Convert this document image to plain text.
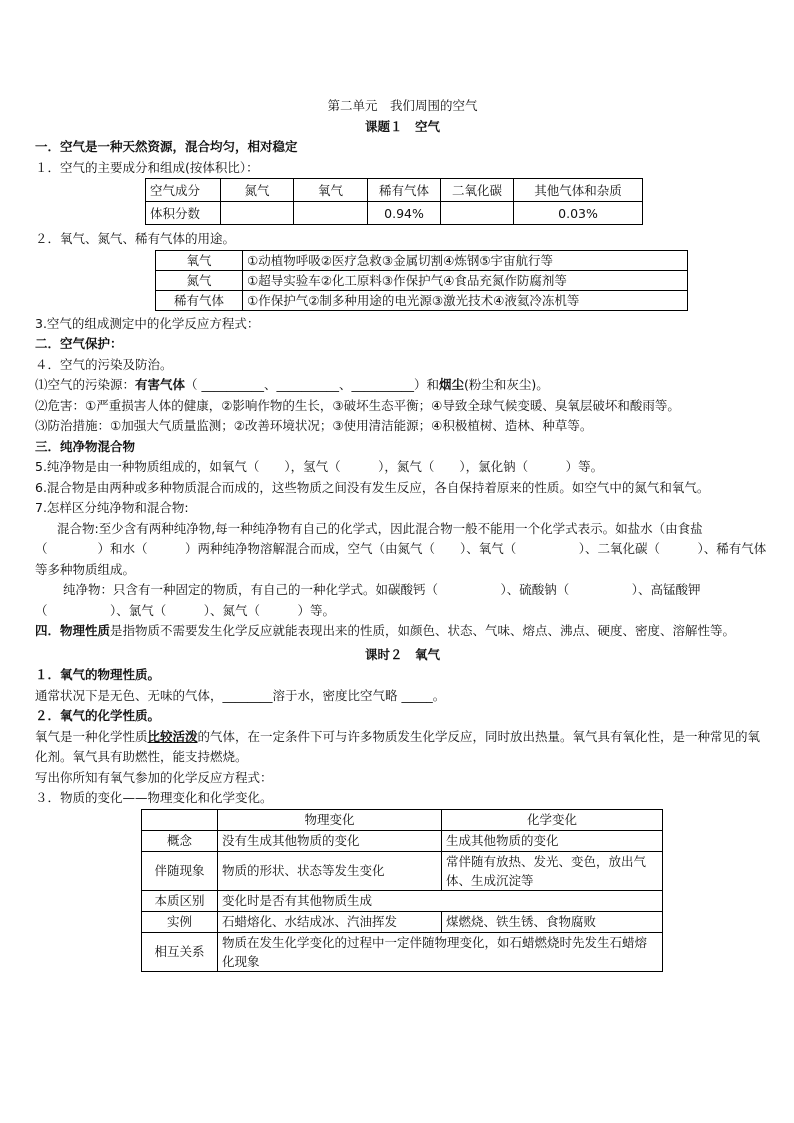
第二单元　我们周围的空气
课题１　空气
一．空气是一种天然资源，混合均匀，相对稳定
１．空气的主要成分和组成(按体积比）：
空气成分	氮气	氧气	稀有气体	二氧化碳	其他气体和杂质
体积分数			0.94%		0.03%
２．氧气、氮气、稀有气体的用途。
氧气	①动植物呼吸②医疗急救③金属切割④炼钢⑤宇宙航行等
氮气	①超导实验车②化工原料③作保护气④食品充氮作防腐剂等
稀有气体	①作保护气②制多种用途的电光源③激光技术④液氦冷冻机等
3.空气的组成测定中的化学反应方程式：
二．空气保护：
４．空气的污染及防治。
⑴空气的污染源：有害气体（ __________、__________、__________）和烟尘(粉尘和灰尘)。
⑵危害：①严重损害人体的健康，②影响作物的生长，③破坏生态平衡；④导致全球气候变暖、臭氧层破坏和酸雨等。
⑶防治措施：①加强大气质量监测；②改善环境状况；③使用清洁能源；④积极植树、造林、种草等。
三．纯净物混合物
5.纯净物是由一种物质组成的，如氧气（　　），氢气（　　　），氮气（　　），氯化钠（　　　）等。
6.混合物是由两种或多种物质混合而成的，这些物质之间没有发生反应，各自保持着原来的性质。如空气中的氮气和氧气。
7.怎样区分纯净物和混合物:
混合物:至少含有两种纯净物,每一种纯净物有自己的化学式，因此混合物一般不能用一个化学式表示。如盐水（由食盐（　　　　）和水（　　　）两种纯净物溶解混合而成，空气（由氮气（　　）、氧气（　　　　　）、二氧化碳（　　　）、稀有气体等多种物质组成。
纯净物：只含有一种固定的物质，有自己的一种化学式。如碳酸钙（　　　　　）、硫酸钠（　　　　　）、高锰酸钾（　　　　　）、氯气（　　　）、氮气（　　　）等。
四．物理性质是指物质不需要发生化学反应就能表现出来的性质，如颜色、状态、气味、熔点、沸点、硬度、密度、溶解性等。
课时２　氧气
１．氧气的物理性质。
通常状况下是无色、无味的气体，________溶于水，密度比空气略 _____。
２．氧气的化学性质。
氧气是一种化学性质比较活泼的气体，在一定条件下可与许多物质发生化学反应，同时放出热量。氧气具有氧化性，是一种常见的氧化剂。氧气具有助燃性，能支持燃烧。
写出你所知有氧气参加的化学反应方程式：
３．物质的变化——物理变化和化学变化。
	物理变化	化学变化
概念	没有生成其他物质的变化	生成其他物质的变化
伴随现象	物质的形状、状态等发生变化	常伴随有放热、发光、变色，放出气体、生成沉淀等
本质区别	变化时是否有其他物质生成	
实例	石蜡熔化、水结成冰、汽油挥发	煤燃烧、铁生锈、食物腐败
相互关系	物质在发生化学变化的过程中一定伴随物理变化，如石蜡燃烧时先发生石蜡熔化现象	
